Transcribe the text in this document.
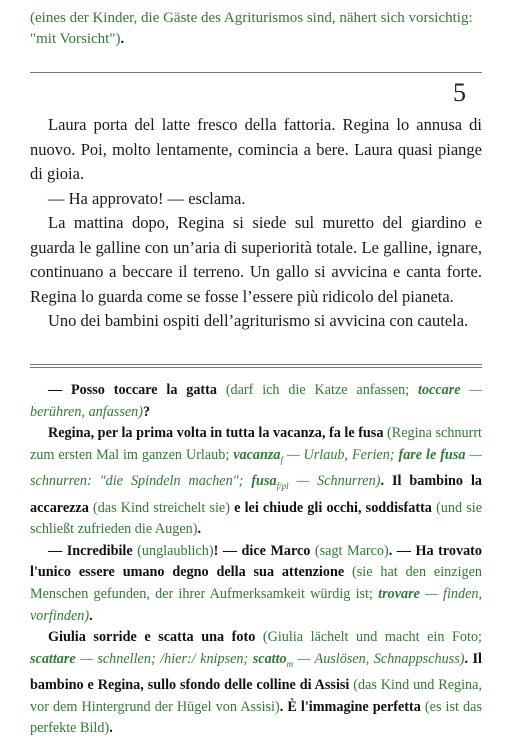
(eines der Kinder, die Gäste des Agriturismos sind, nähert sich vorsichtig: "mit Vorsicht").
5

Laura porta del latte fresco della fattoria. Regina lo annusa di nuovo. Poi, molto lentamente, comincia a bere. Laura quasi piange di gioia.

— Ha approvato! — esclama.

La mattina dopo, Regina si siede sul muretto del giardino e guarda le galline con un’aria di superiorità totale. Le galline, ignare, continuano a beccare il terreno. Un gallo si avvicina e canta forte. Regina lo guarda come se fosse l’essere più ridicolo del pianeta.

Uno dei bambini ospiti dell’agriturismo si avvicina con cautela.

— Posso toccare la gatta (darf ich die Katze anfassen; toccare — berühren, anfassen)?

Regina, per la prima volta in tutta la vacanza, fa le fusa (Regina schnurrt zum ersten Mal im ganzen Urlaub; vacanza$_f$ — Urlaub, Ferien; fare le fusa — schnurren: "die Spindeln machen"; fusa$_{f/pl}$ — Schnurren). Il bambino la accarezza (das Kind streichelt sie) e lei chiude gli occhi, soddisfatta (und sie schließt zufrieden die Augen).

— Incredibile (unglaublich)! — dice Marco (sagt Marco). — Ha trovato l'unico essere umano degno della sua attenzione (sie hat den einzigen Menschen gefunden, der ihrer Aufmerksamkeit würdig ist; trovare — finden, vorfinden).

Giulia sorride e scatta una foto (Giulia lächelt und macht ein Foto; scattare — schnellen; /hier:/ knipsen; scatto$_m$ — Auslösen, Schnappschuss). Il bambino e Regina, sullo sfondo delle colline di Assisi (das Kind und Regina, vor dem Hintergrund der Hügel von Assisi). È l'immagine perfetta (es ist das perfekte Bild).
